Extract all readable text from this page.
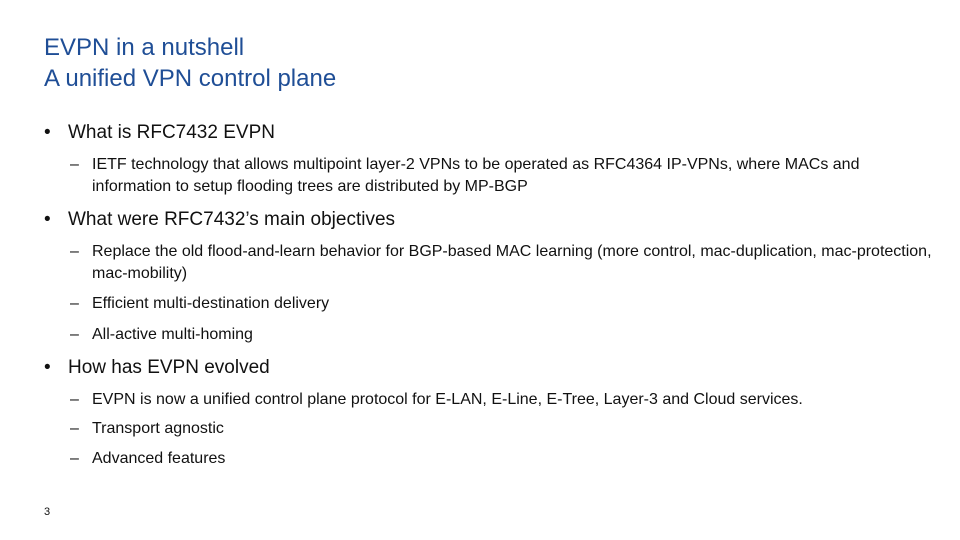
EVPN in a nutshell
A unified VPN control plane
• What is RFC7432 EVPN
– IETF technology that allows multipoint layer-2 VPNs to be operated as RFC4364 IP-VPNs, where MACs and information to setup flooding trees are distributed by MP-BGP
• What were RFC7432’s main objectives
– Replace the old flood-and-learn behavior for BGP-based MAC learning (more control, mac-duplication, mac-protection, mac-mobility)
– Efficient multi-destination delivery
– All-active multi-homing
• How has EVPN evolved
– EVPN is now a unified control plane protocol for E-LAN, E-Line, E-Tree, Layer-3 and Cloud services.
– Transport agnostic
– Advanced features
3
